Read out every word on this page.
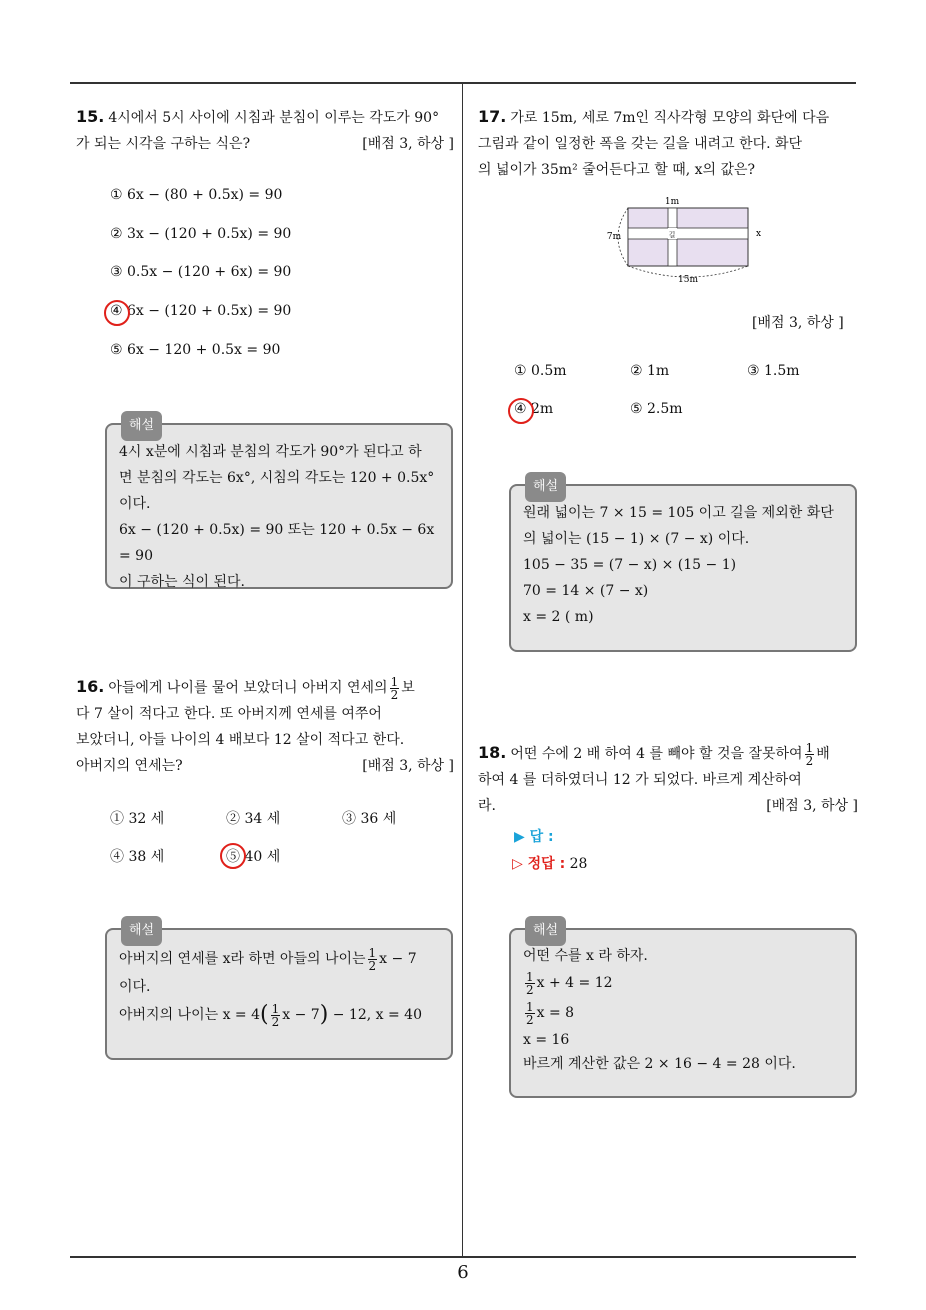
6
15. 4시에서 5시 사이에 시침과 분침이 이루는 각도가 90°
가 되는 시각을 구하는 식은?	[배점 3, 하상 ]
① 6x − (80 + 0.5x) = 90
② 3x − (120 + 0.5x) = 90
③ 0.5x − (120 + 6x) = 90
④ 6x − (120 + 0.5x) = 90
⑤ 6x − 120 + 0.5x = 90
해설
4시 x분에 시침과 분침의 각도가 90°가 된다고 하
면 분침의 각도는 6x°, 시침의 각도는 120 + 0.5x°
이다.
6x − (120 + 0.5x) = 90 또는 120 + 0.5x − 6x = 90
이 구하는 식이 된다.
16. 아들에게 나이를 물어 보았더니 아버지 연세의 $\frac{1}{2}$ 보
다 7 살이 적다고 한다. 또 아버지께 연세를 여쭈어
보았더니, 아들 나이의 4 배보다 12 살이 적다고 한다.
아버지의 연세는?	[배점 3, 하상 ]
① 32 세	② 34 세	③ 36 세
④ 38 세	⑤ 40 세
해설
아버지의 연세를 x라 하면 아들의 나이는 $\frac{1}{2}$ x − 7
이다.
아버지의 나이는 $x = 4( \frac{1}{2}$ x − 7) − 12, x = 40
17. 가로 15m, 세로 7m인 직사각형 모양의 화단에 다음
그림과 같이 일정한 폭을 갖는 길을 내려고 한다. 화단
의 넓이가 35m² 줄어든다고 할 때, x의 값은?
1m
7m	x
15m
길
[배점 3, 하상 ]
① 0.5m	② 1m	③ 1.5m
④ 2m	⑤ 2.5m
해설
원래 넓이는 7 × 15 = 105 이고 길을 제외한 화단
의 넓이는 (15 − 1) × (7 − x) 이다.
105 − 35 = (7 − x) × (15 − 1)
70 = 14 × (7 − x)
x = 2 ( m)
18. 어떤 수에 2 배 하여 4 를 빼야 할 것을 잘못하여 $\frac{1}{2}$ 배
하여 4 를 더하였더니 12 가 되었다. 바르게 계산하여
라.	[배점 3, 하상 ]
▶ 답 :
▷ 정답 : 28
해설
어떤 수를 x 라 하자.
$\frac{1}{2}$ x + 4 = 12
$\frac{1}{2}$ x = 8
x = 16
바르게 계산한 값은 2 × 16 − 4 = 28 이다.
